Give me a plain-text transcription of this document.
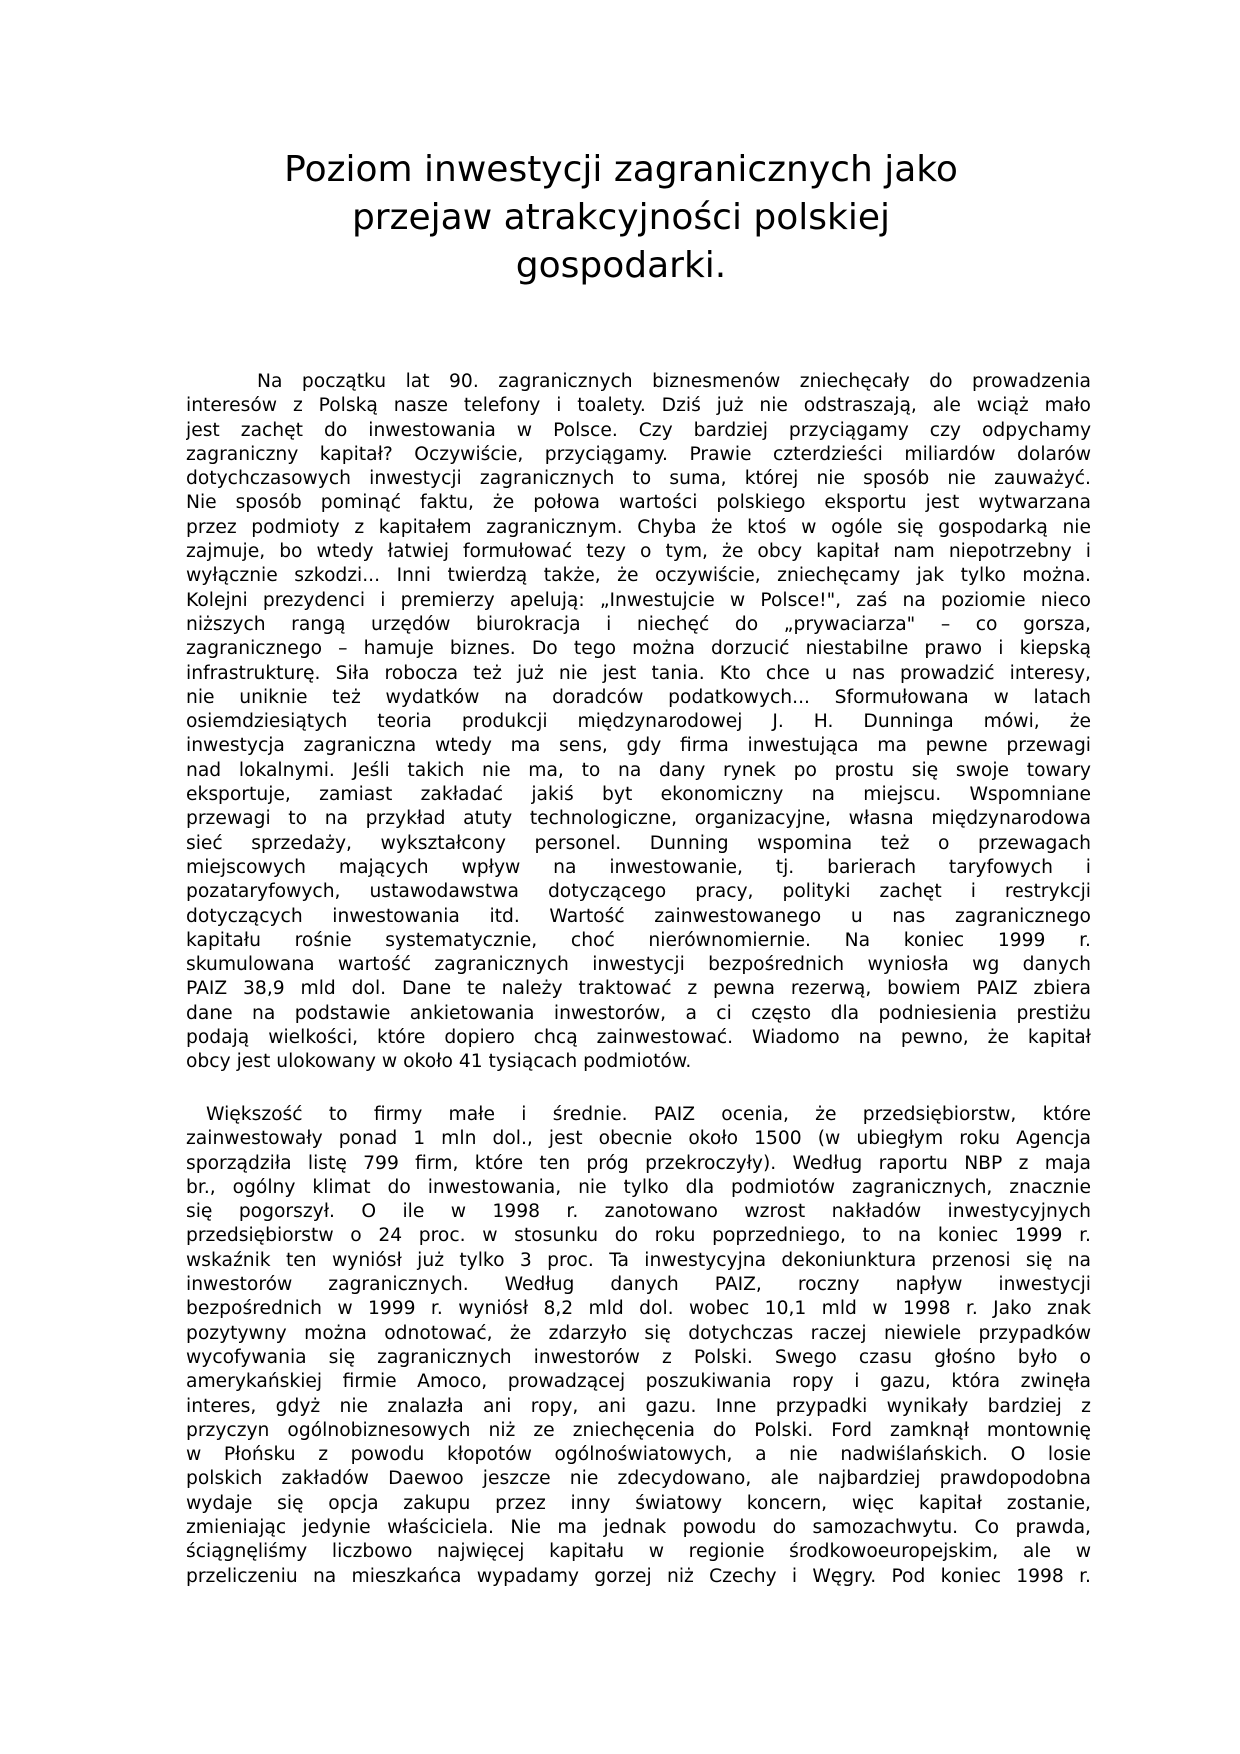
Poziom inwestycji zagranicznych jako
przejaw atrakcyjności polskiej
gospodarki.
Na początku lat 90. zagranicznych biznesmenów zniechęcały do prowadzenia
interesów z Polską nasze telefony i toalety. Dziś już nie odstraszają, ale wciąż mało
jest zachęt do inwestowania w Polsce. Czy bardziej przyciągamy czy odpychamy
zagraniczny kapitał? Oczywiście, przyciągamy. Prawie czterdzieści miliardów dolarów
dotychczasowych inwestycji zagranicznych to suma, której nie sposób nie zauważyć.
Nie sposób pominąć faktu, że połowa wartości polskiego eksportu jest wytwarzana
przez podmioty z kapitałem zagranicznym. Chyba że ktoś w ogóle się gospodarką nie
zajmuje, bo wtedy łatwiej formułować tezy o tym, że obcy kapitał nam niepotrzebny i
wyłącznie szkodzi... Inni twierdzą także, że oczywiście, zniechęcamy jak tylko można.
Kolejni prezydenci i premierzy apelują: „Inwestujcie w Polsce!", zaś na poziomie nieco
niższych rangą urzędów biurokracja i niechęć do „prywaciarza" – co gorsza,
zagranicznego – hamuje biznes. Do tego można dorzucić niestabilne prawo i kiepską
infrastrukturę. Siła robocza też już nie jest tania. Kto chce u nas prowadzić interesy,
nie uniknie też wydatków na doradców podatkowych... Sformułowana w latach
osiemdziesiątych teoria produkcji międzynarodowej J. H. Dunninga mówi, że
inwestycja zagraniczna wtedy ma sens, gdy firma inwestująca ma pewne przewagi
nad lokalnymi. Jeśli takich nie ma, to na dany rynek po prostu się swoje towary
eksportuje, zamiast zakładać jakiś byt ekonomiczny na miejscu. Wspomniane
przewagi to na przykład atuty technologiczne, organizacyjne, własna międzynarodowa
sieć sprzedaży, wykształcony personel. Dunning wspomina też o przewagach
miejscowych mających wpływ na inwestowanie, tj. barierach taryfowych i
pozataryfowych, ustawodawstwa dotyczącego pracy, polityki zachęt i restrykcji
dotyczących inwestowania itd. Wartość zainwestowanego u nas zagranicznego
kapitału rośnie systematycznie, choć nierównomiernie. Na koniec 1999 r.
skumulowana wartość zagranicznych inwestycji bezpośrednich wyniosła wg danych
PAIZ 38,9 mld dol. Dane te należy traktować z pewna rezerwą, bowiem PAIZ zbiera
dane na podstawie ankietowania inwestorów, a ci często dla podniesienia prestiżu
podają wielkości, które dopiero chcą zainwestować. Wiadomo na pewno, że kapitał
obcy jest ulokowany w około 41 tysiącach podmiotów.
Większość to firmy małe i średnie. PAIZ ocenia, że przedsiębiorstw, które
zainwestowały ponad 1 mln dol., jest obecnie około 1500 (w ubiegłym roku Agencja
sporządziła listę 799 firm, które ten próg przekroczyły). Według raportu NBP z maja
br., ogólny klimat do inwestowania, nie tylko dla podmiotów zagranicznych, znacznie
się pogorszył. O ile w 1998 r. zanotowano wzrost nakładów inwestycyjnych
przedsiębiorstw o 24 proc. w stosunku do roku poprzedniego, to na koniec 1999 r.
wskaźnik ten wyniósł już tylko 3 proc. Ta inwestycyjna dekoniunktura przenosi się na
inwestorów zagranicznych. Według danych PAIZ, roczny napływ inwestycji
bezpośrednich w 1999 r. wyniósł 8,2 mld dol. wobec 10,1 mld w 1998 r. Jako znak
pozytywny można odnotować, że zdarzyło się dotychczas raczej niewiele przypadków
wycofywania się zagranicznych inwestorów z Polski. Swego czasu głośno było o
amerykańskiej firmie Amoco, prowadzącej poszukiwania ropy i gazu, która zwinęła
interes, gdyż nie znalazła ani ropy, ani gazu. Inne przypadki wynikały bardziej z
przyczyn ogólnobiznesowych niż ze zniechęcenia do Polski. Ford zamknął montownię
w Płońsku z powodu kłopotów ogólnoświatowych, a nie nadwiślańskich. O losie
polskich zakładów Daewoo jeszcze nie zdecydowano, ale najbardziej prawdopodobna
wydaje się opcja zakupu przez inny światowy koncern, więc kapitał zostanie,
zmieniając jedynie właściciela. Nie ma jednak powodu do samozachwytu. Co prawda,
ściągnęliśmy liczbowo najwięcej kapitału w regionie środkowoeuropejskim, ale w
przeliczeniu na mieszkańca wypadamy gorzej niż Czechy i Węgry. Pod koniec 1998 r.
